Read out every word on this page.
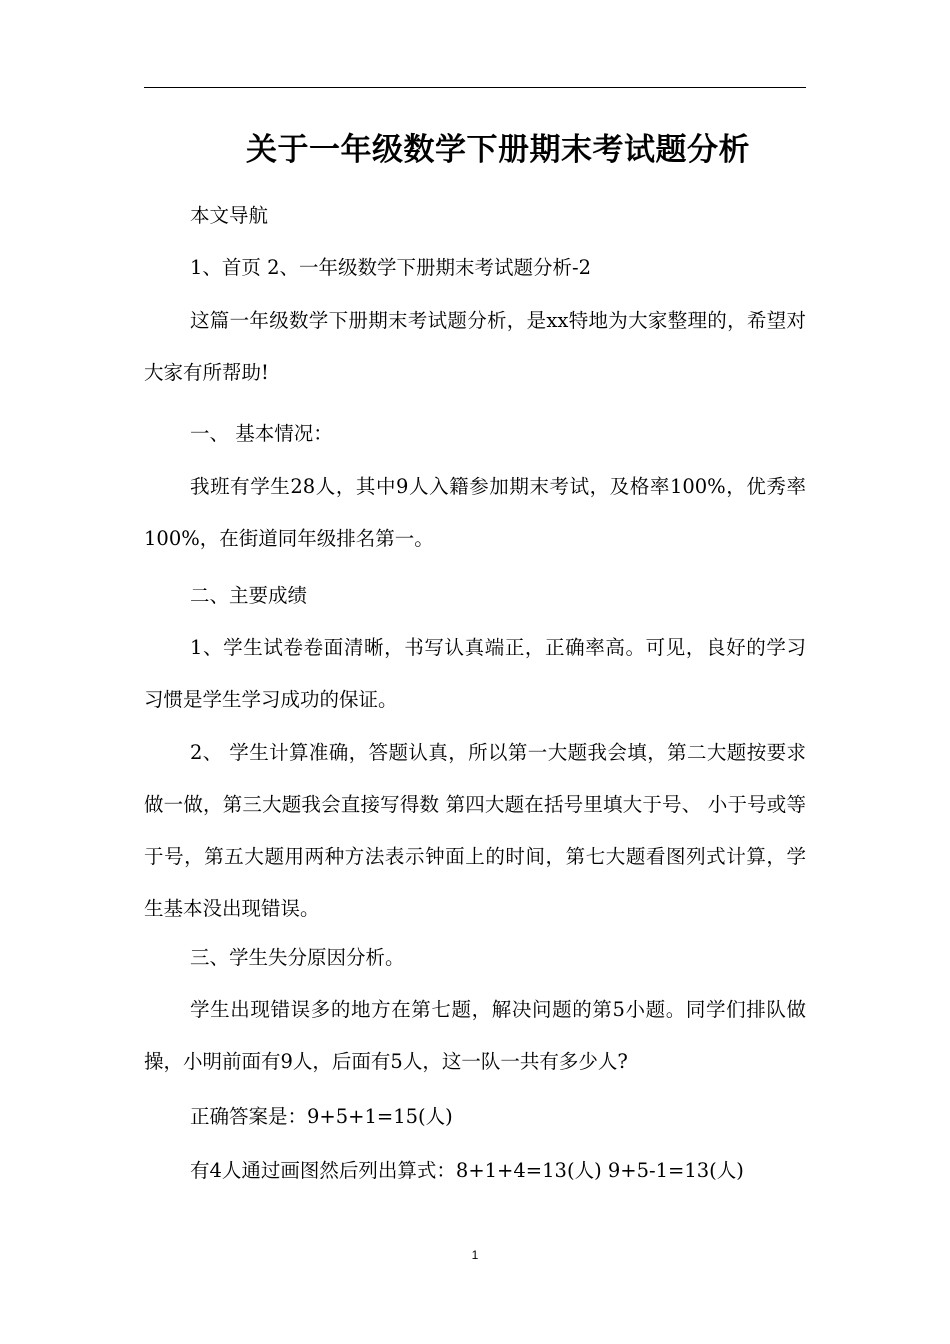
关于一年级数学下册期末考试题分析

本文导航

1、首页 2、一年级数学下册期末考试题分析-2

这篇一年级数学下册期末考试题分析，是xx特地为大家整理的，希望对大家有所帮助!

一、 基本情况：

我班有学生28人，其中9人入籍参加期末考试，及格率100%，优秀率100%，在街道同年级排名第一。

二、主要成绩

1、学生试卷卷面清晰，书写认真端正，正确率高。可见，良好的学习习惯是学生学习成功的保证。

2、 学生计算准确，答题认真，所以第一大题我会填，第二大题按要求做一做，第三大题我会直接写得数 第四大题在括号里填大于号、 小于号或等于号，第五大题用两种方法表示钟面上的时间，第七大题看图列式计算，学生基本没出现错误。

三、学生失分原因分析。

学生出现错误多的地方在第七题，解决问题的第5小题。同学们排队做操，小明前面有9人，后面有5人，这一队一共有多少人?

正确答案是：9+5+1=15(人)

有4人通过画图然后列出算式：8+1+4=13(人) 9+5-1=13(人)

1
